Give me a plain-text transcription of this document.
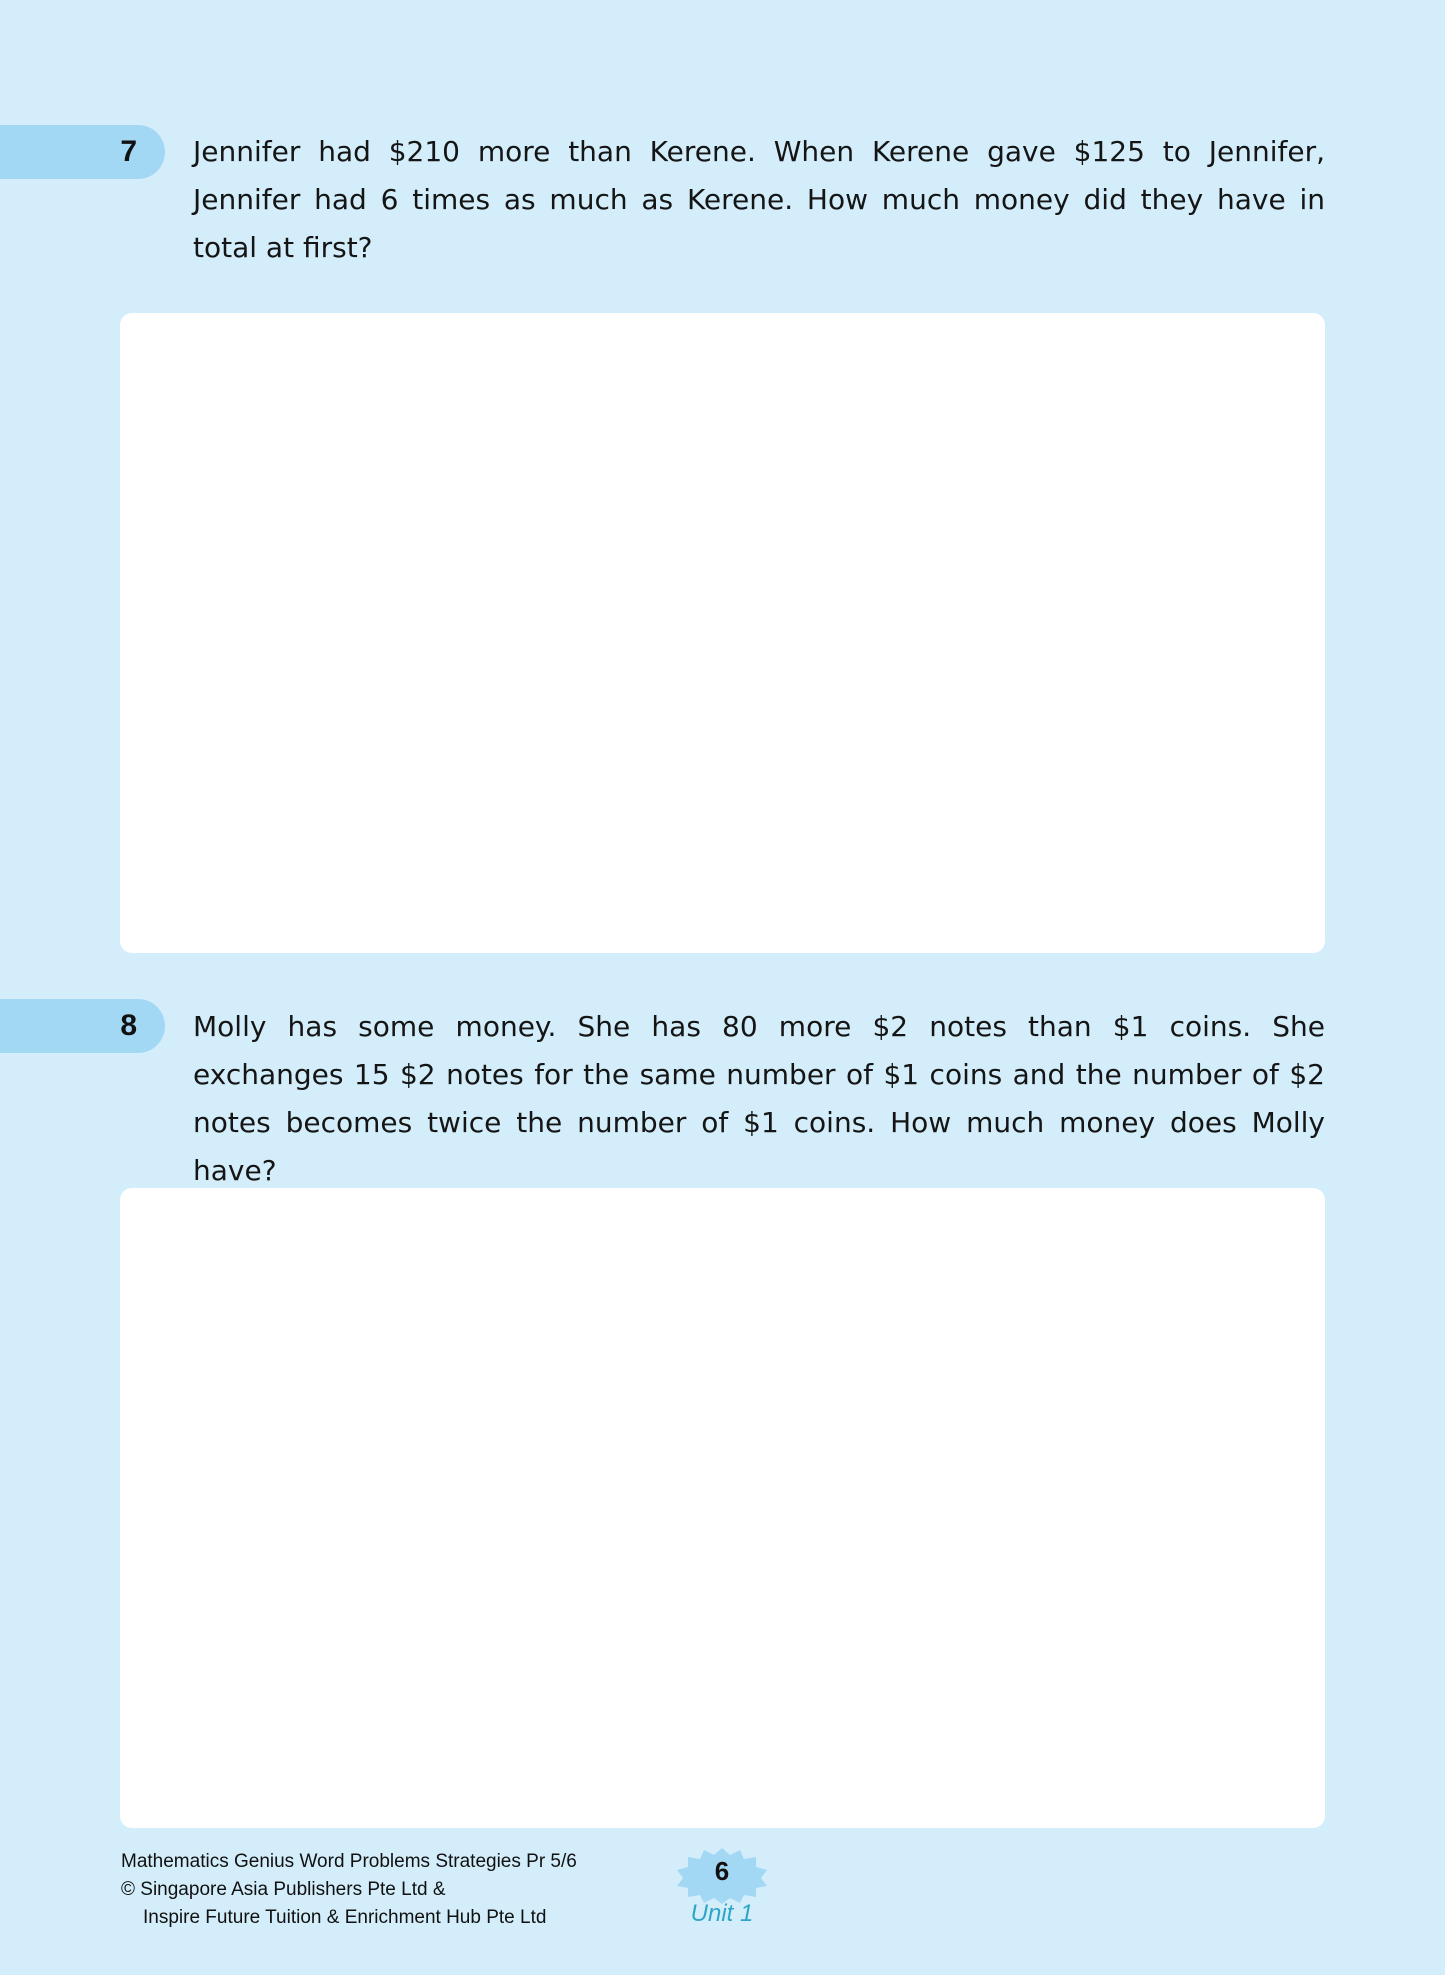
7 Jennifer had $210 more than Kerene. When Kerene gave $125 to Jennifer, Jennifer had 6 times as much as Kerene. How much money did they have in total at first?
8 Molly has some money. She has 80 more $2 notes than $1 coins. She exchanges 15 $2 notes for the same number of $1 coins and the number of $2 notes becomes twice the number of $1 coins. How much money does Molly have?
Mathematics Genius Word Problems Strategies Pr 5/6
© Singapore Asia Publishers Pte Ltd &
Inspire Future Tuition & Enrichment Hub Pte Ltd
6
Unit 1
